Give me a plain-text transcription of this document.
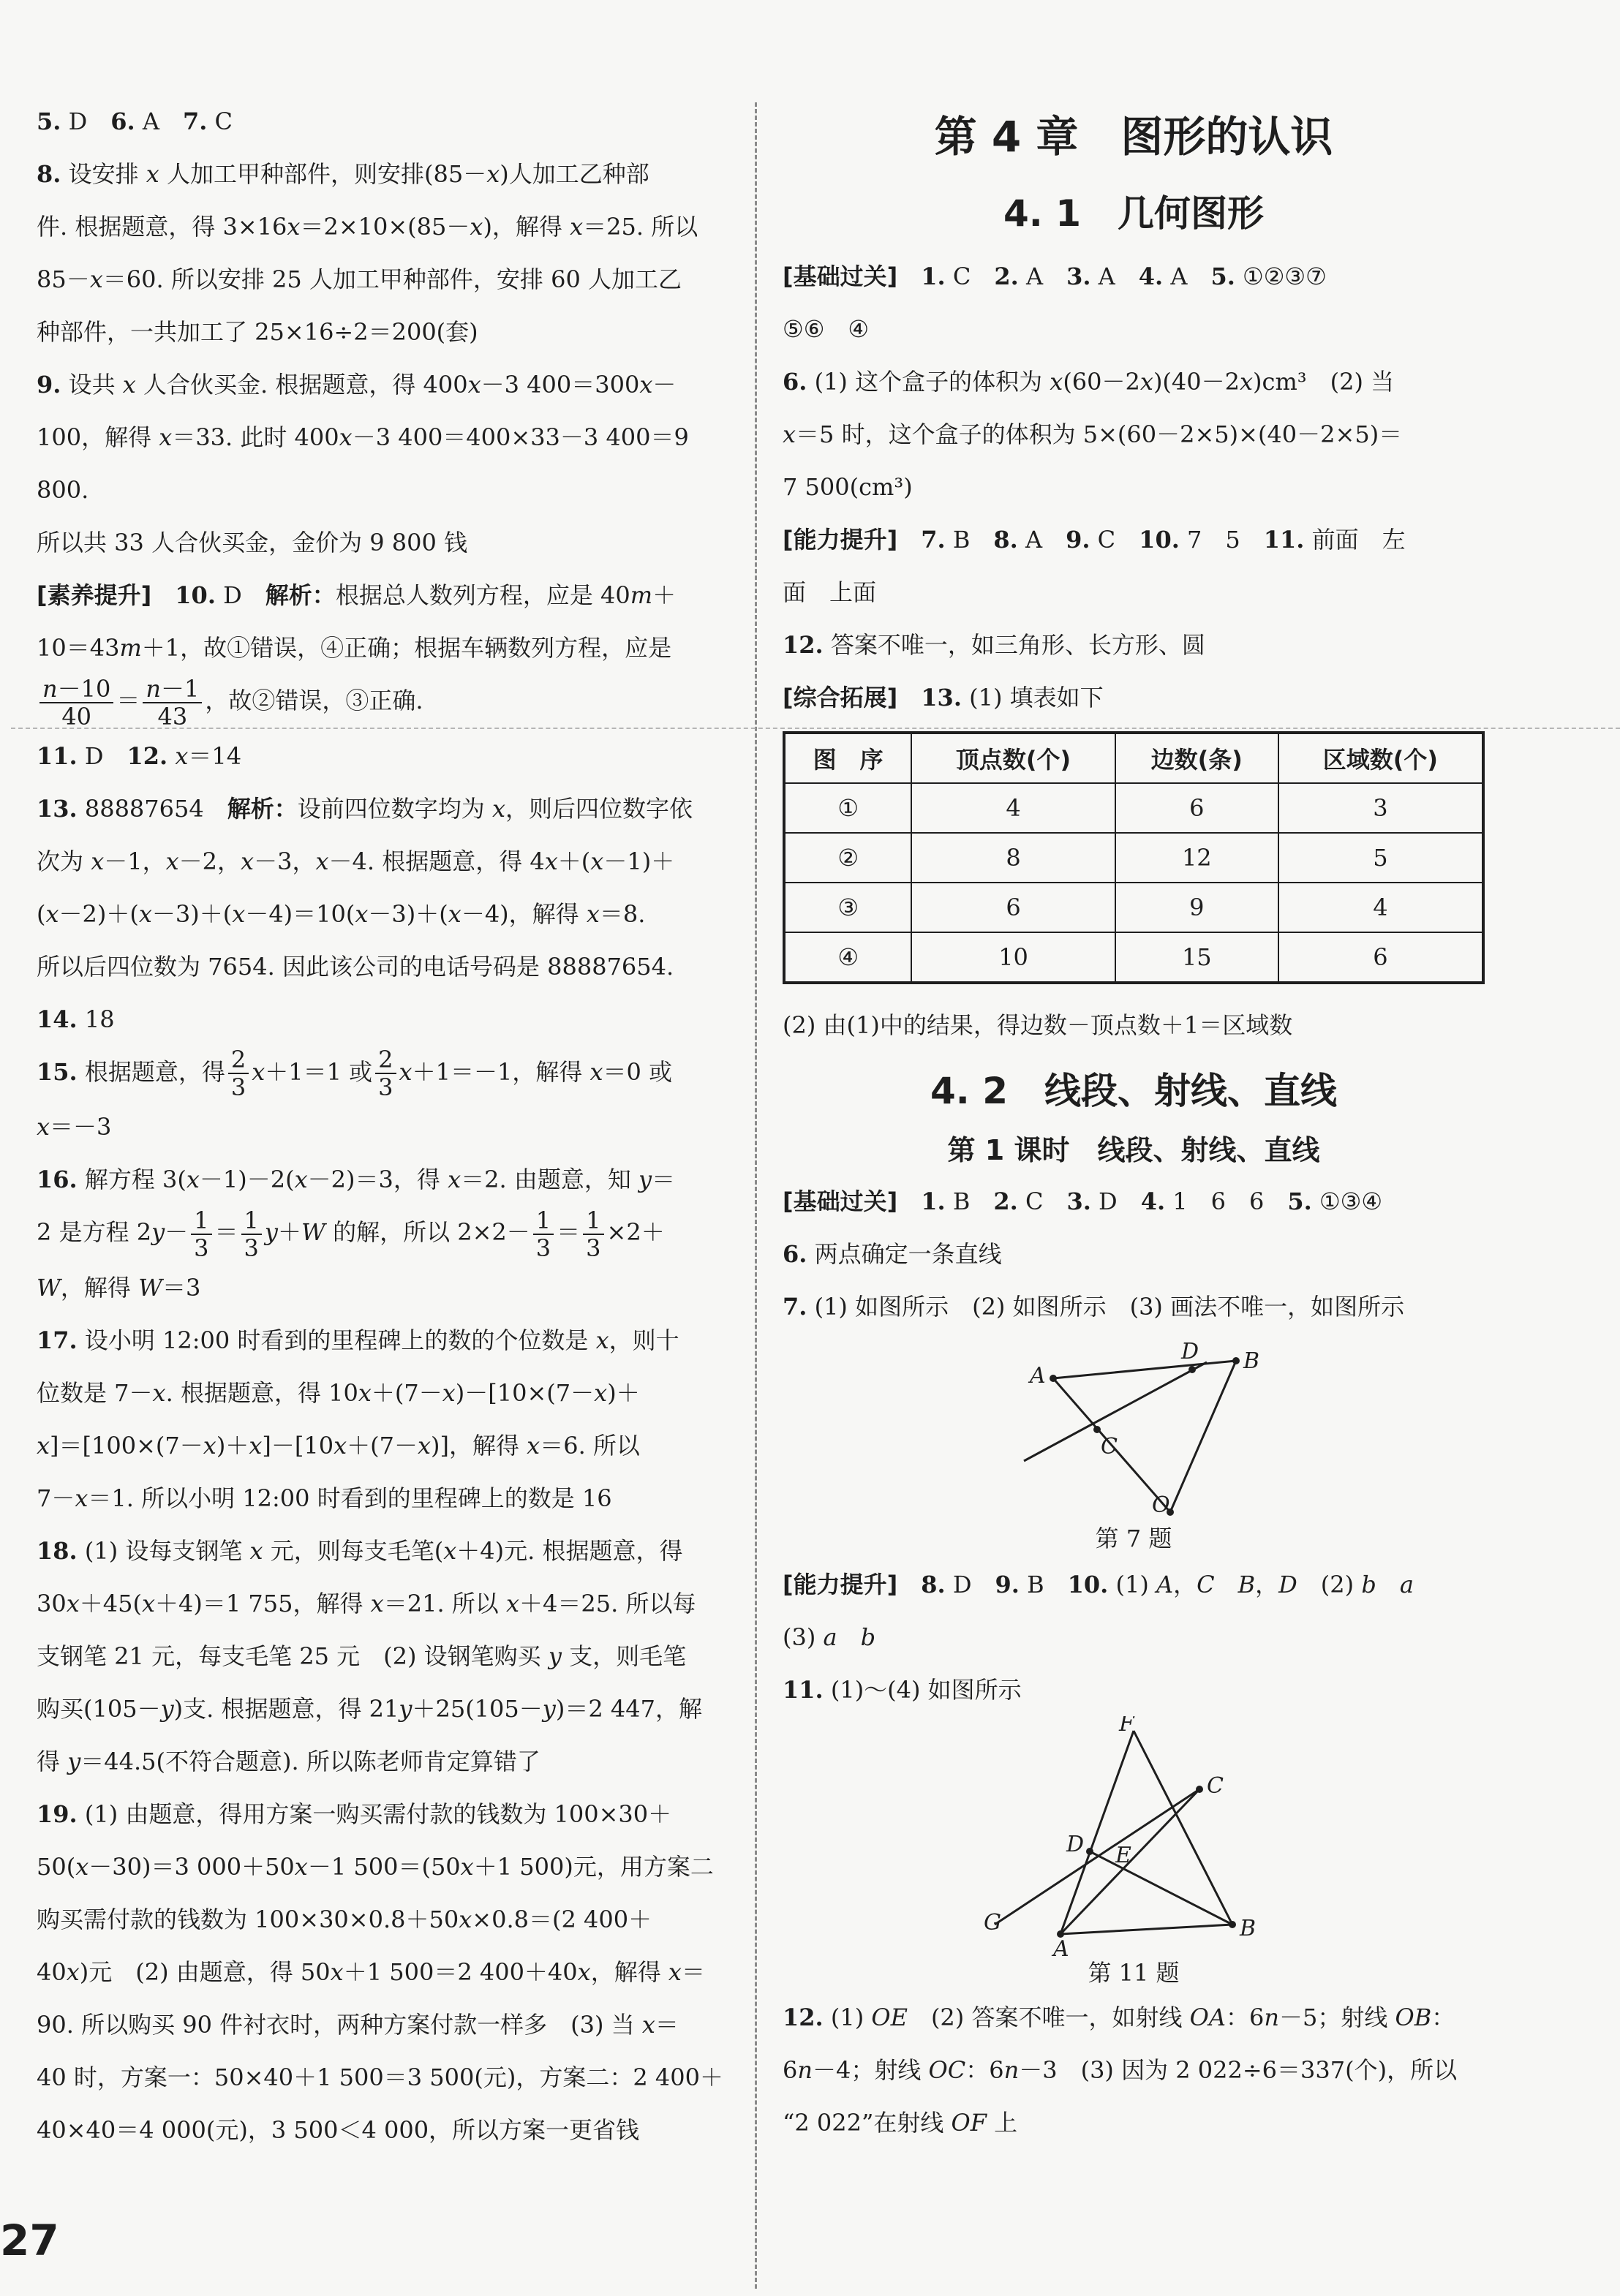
5. D　6. A　7. C

8. 设安排 x 人加工甲种部件，则安排(85－x)人加工乙种部

件. 根据题意，得 3×16x＝2×10×(85－x)，解得 x＝25. 所以

85－x＝60. 所以安排 25 人加工甲种部件，安排 60 人加工乙

种部件，一共加工了 25×16÷2＝200(套)

9. 设共 x 人合伙买金. 根据题意，得 400x－3 400＝300x－

100，解得 x＝33. 此时 400x－3 400＝400×33－3 400＝9 800.

所以共 33 人合伙买金，金价为 9 800 钱

[素养提升]　 10. D　解析：根据总人数列方程，应是 40m＋

10＝43m＋1，故①错误，④正确；根据车辆数列方程，应是

$\frac{n-10}{40} = \frac{n-1}{43}$ ，故②错误，③正确.

11. D　12. x＝14

13. 88887654　解析：设前四位数字均为 x，则后四位数字依

次为 x－1，x－2，x－3，x－4. 根据题意，得 4x＋(x－1)＋

(x－2)＋(x－3)＋(x－4)＝10(x－3)＋(x－4)，解得 x＝8.

所以后四位数为 7654. 因此该公司的电话号码是 88887654.

14. 18

15. 根据题意，得 $\frac{2}{3} x+1=1$ 或 $\frac{2}{3} x+1=-1$，解得 x＝0 或

x＝－3

16. 解方程 3(x－1)－2(x－2)＝3，得 x＝2. 由题意，知 y＝

2 是方程 $2y- \frac{1}{3} = \frac{1}{3} y+W$ 的解，所以 $2\times 2- \frac{1}{3} = \frac{1}{3} \times 2+$

W，解得 W＝3

17. 设小明 12:00 时看到的里程碑上的数的个位数是 x，则十

位数是 7－x. 根据题意，得 10x＋(7－x)－[10×(7－x)＋

x]＝[100×(7－x)＋x]－[10x＋(7－x)]，解得 x＝6. 所以

7－x＝1. 所以小明 12:00 时看到的里程碑上的数是 16

18. (1) 设每支钢笔 x 元，则每支毛笔(x＋4)元. 根据题意，得

30x＋45(x＋4)＝1 755，解得 x＝21. 所以 x＋4＝25. 所以每

支钢笔 21 元，每支毛笔 25 元　(2) 设钢笔购买 y 支，则毛笔

购买(105－y)支. 根据题意，得 21y＋25(105－y)＝2 447，解

得 y＝44.5(不符合题意). 所以陈老师肯定算错了

19. (1) 由题意，得用方案一购买需付款的钱数为 100×30＋

50(x－30)＝3 000＋50x－1 500＝(50x＋1 500)元，用方案二

购买需付款的钱数为 100×30×0.8＋50x×0.8＝(2 400＋

40x)元　(2) 由题意，得 50x＋1 500＝2 400＋40x，解得 x＝

90. 所以购买 90 件衬衣时，两种方案付款一样多　(3) 当 x＝

40 时，方案一：50×40＋1 500＝3 500(元)，方案二：2 400＋

40×40＝4 000(元)，3 500＜4 000，所以方案一更省钱

第 4 章　图形的认识
4. 1　几何图形

[基础过关]　 1. C　2. A　3. A　4. A　5. ①②③⑦

⑤⑥　④

6. (1) 这个盒子的体积为 x(60－2x)(40－2x)cm³　(2) 当

x＝5 时，这个盒子的体积为 5×(60－2×5)×(40－2×5)＝

7 500(cm³)

[能力提升]　 7. B　8. A　9. C　10. 7　5　11. 前面　左

面　上面

12. 答案不唯一，如三角形、长方形、圆

[综合拓展]　 13. (1) 填表如下

图　序	顶点数(个)	边数(条)	区域数(个)
①	4	6	3
②	8	12	5
③	6	9	4
④	10	15	6

(2) 由(1)中的结果，得边数－顶点数＋1＝区域数

4. 2　线段、射线、直线
第 1 课时　线段、射线、直线

[基础过关]　 1. B　2. C　3. D　4. 1　6　6　5. ①③④

6. 两点确定一条直线

7. (1) 如图所示　(2) 如图所示　(3) 画法不唯一，如图所示

A
D B
C
O
第 7 题

[能力提升]　 8. D　9. B　10. (1) A，C　 B，D　(2) b　 a

(3) a　 b

11. (1)～(4) 如图所示

F
C
D E
G
A
B
第 11 题

12. (1) OE　(2) 答案不唯一，如射线 OA：6n－5；射线 OB：

6n－4；射线 OC：6n－3　(3) 因为 2 022÷6＝337(个)，所以

“2 022”在射线 OF 上

27
